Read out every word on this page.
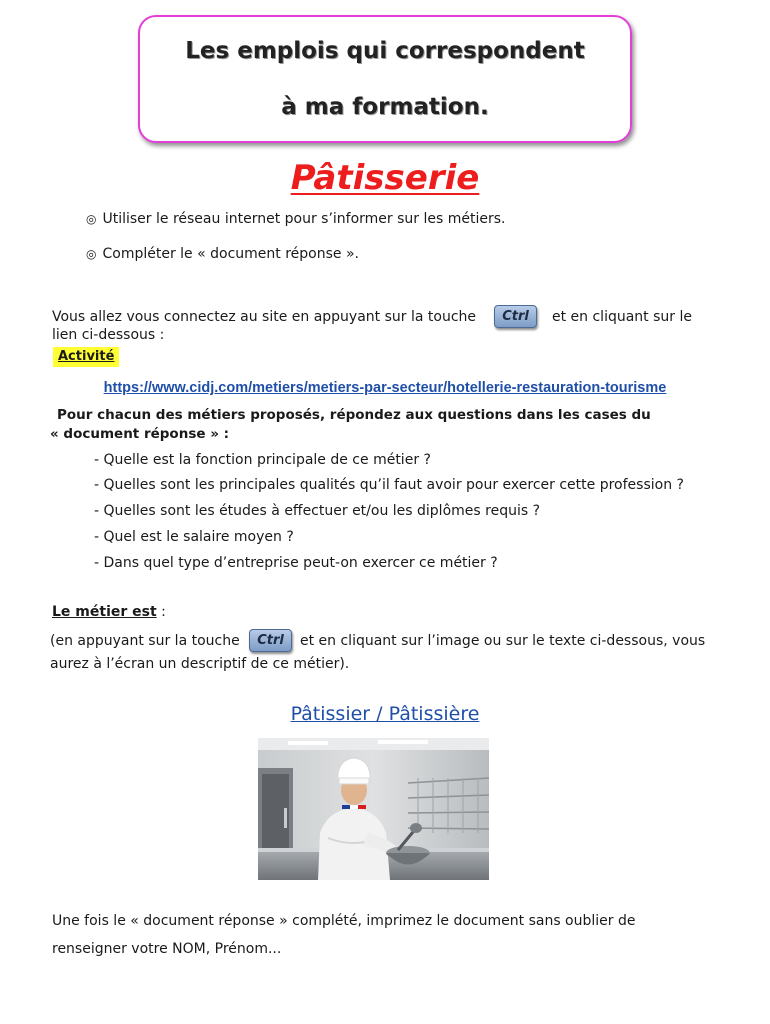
Les emplois qui correspondent
à ma formation.
Pâtisserie
◎ Utiliser le réseau internet pour s’informer sur les métiers.
◎ Compléter le « document réponse ».
Vous allez vous connectez au site en appuyant sur la touche	Ctrl	et en cliquant sur le
lien ci-dessous :
Activité
https://www.cidj.com/metiers/metiers-par-secteur/hotellerie-restauration-tourisme
Pour chacun des métiers proposés, répondez aux questions dans les cases du
« document réponse » :
- Quelle est la fonction principale de ce métier ?
- Quelles sont les principales qualités qu’il faut avoir pour exercer cette profession ?
- Quelles sont les études à effectuer et/ou les diplômes requis ?
- Quel est le salaire moyen ?
- Dans quel type d’entreprise peut-on exercer ce métier ?
Le métier est :
(en appuyant sur la touche	Ctrl	et en cliquant sur l’image ou sur le texte ci-dessous, vous
aurez à l’écran un descriptif de ce métier).
Pâtissier / Pâtissière
Une fois le « document réponse » complété, imprimez le document sans oublier de
renseigner votre NOM, Prénom...
